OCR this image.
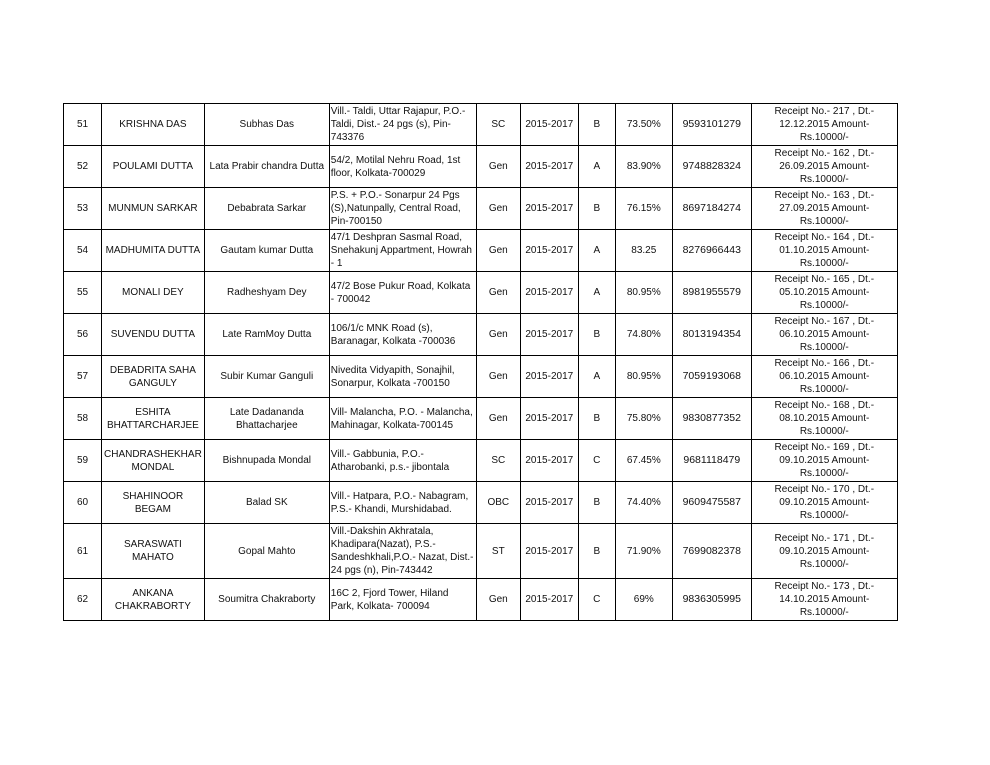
51	KRISHNA DAS	Subhas Das	Vill.- Taldi, Uttar Rajapur, P.O.- Taldi, Dist.- 24 pgs (s), Pin- 743376	SC	2015-2017	B	73.50%	9593101279	Receipt No.- 217 , Dt.-
12.12.2015 Amount- Rs.10000/-

52	POULAMI DUTTA	Lata Prabir chandra Dutta	54/2, Motilal Nehru Road, 1st floor, Kolkata-700029	Gen	2015-2017	A	83.90%	9748828324	Receipt No.- 162 , Dt.-
26.09.2015 Amount- Rs.10000/-

53	MUNMUN SARKAR	Debabrata Sarkar	P.S. + P.O.- Sonarpur 24 Pgs (S),Natunpally, Central Road, Pin-700150	Gen	2015-2017	B	76.15%	8697184274	Receipt No.- 163 , Dt.-
27.09.2015 Amount- Rs.10000/-

54	MADHUMITA DUTTA	Gautam kumar Dutta	47/1 Deshpran Sasmal Road, Snehakunj Appartment, Howrah - 1	Gen	2015-2017	A	83.25	8276966443	Receipt No.- 164 , Dt.-
01.10.2015 Amount- Rs.10000/-

55	MONALI DEY	Radheshyam Dey	47/2 Bose Pukur Road, Kolkata - 700042	Gen	2015-2017	A	80.95%	8981955579	Receipt No.- 165 , Dt.-
05.10.2015 Amount- Rs.10000/-

56	SUVENDU DUTTA	Late RamMoy Dutta	106/1/c MNK Road (s), Baranagar, Kolkata -700036	Gen	2015-2017	B	74.80%	8013194354	Receipt No.- 167 , Dt.-
06.10.2015 Amount- Rs.10000/-

57	DEBADRITA SAHA GANGULY	Subir Kumar Ganguli	Nivedita Vidyapith, Sonajhil, Sonarpur, Kolkata -700150	Gen	2015-2017	A	80.95%	7059193068	Receipt No.- 166 , Dt.-
06.10.2015 Amount- Rs.10000/-

58	ESHITA BHATTARCHARJEE	Late Dadananda Bhattacharjee	Vill- Malancha, P.O. - Malancha, Mahinagar, Kolkata-700145	Gen	2015-2017	B	75.80%	9830877352	Receipt No.- 168 , Dt.-
08.10.2015 Amount- Rs.10000/-

59	CHANDRASHEKHAR MONDAL	Bishnupada Mondal	Vill.- Gabbunia, P.O.- Atharobanki, p.s.- jibontala	SC	2015-2017	C	67.45%	9681118479	Receipt No.- 169 , Dt.-
09.10.2015 Amount- Rs.10000/-

60	SHAHINOOR BEGAM	Balad SK	Vill.- Hatpara, P.O.- Nabagram, P.S.- Khandi, Murshidabad.	OBC	2015-2017	B	74.40%	9609475587	Receipt No.- 170 , Dt.-
09.10.2015 Amount- Rs.10000/-

61	SARASWATI MAHATO	Gopal Mahto	Vill.-Dakshin Akhratala, Khadipara(Nazat), P.S.- Sandeshkhali,P.O.- Nazat, Dist.- 24 pgs (n), Pin-743442	ST	2015-2017	B	71.90%	7699082378	Receipt No.- 171 , Dt.-
09.10.2015 Amount- Rs.10000/-

62	ANKANA CHAKRABORTY	Soumitra Chakraborty	16C 2, Fjord Tower, Hiland Park, Kolkata- 700094	Gen	2015-2017	C	69%	9836305995	Receipt No.- 173 , Dt.-
14.10.2015 Amount- Rs.10000/-
